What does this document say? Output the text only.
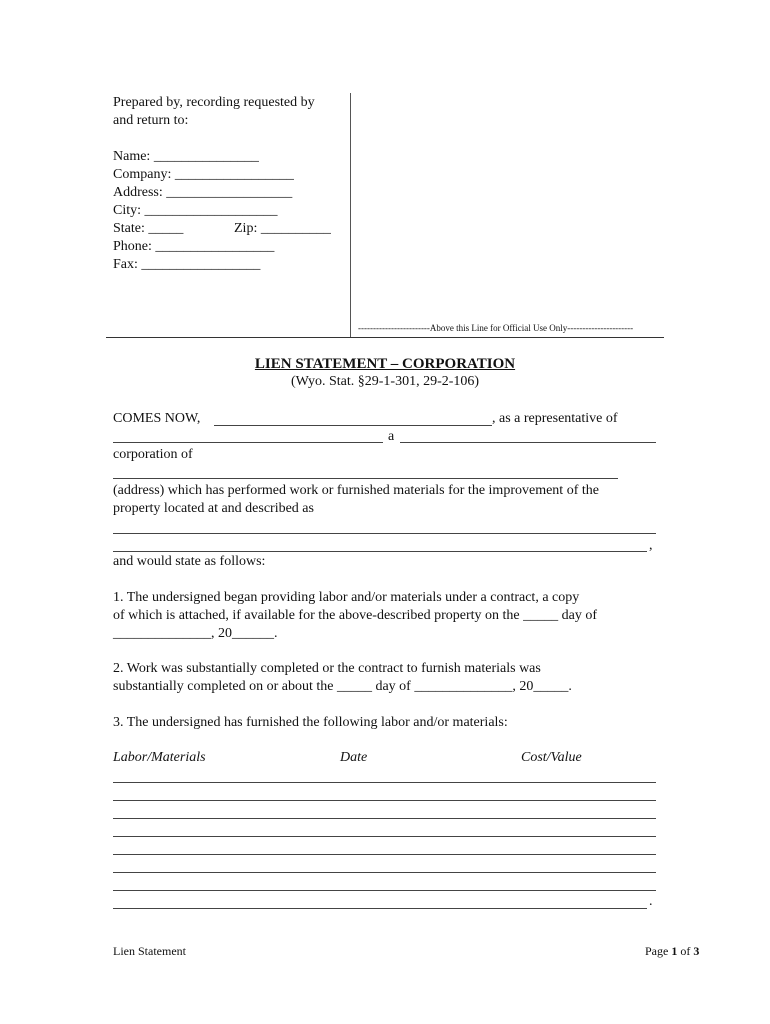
Prepared by, recording requested by
and return to:
Name: _______________
Company: _________________
Address: __________________
City: ___________________
State: _____	Zip: __________
Phone: _________________
Fax: _________________
------------------------Above this Line for Official Use Only----------------------
LIEN STATEMENT – CORPORATION
(Wyo. Stat. §29-1-301, 29-2-106)
COMES NOW,	, as a representative of
a
corporation of
(address) which has performed work or furnished materials for the improvement of the
property located at and described as
,
and would state as follows:
1. The undersigned began providing labor and/or materials under a contract, a copy
of which is attached, if available for the above-described property on the _____ day of
______________, 20______.
2. Work was substantially completed or the contract to furnish materials was
substantially completed on or about the _____ day of ______________, 20_____.
3. The undersigned has furnished the following labor and/or materials:
Labor/Materials	Date	Cost/Value
.
Lien Statement	Page 1 of 3
